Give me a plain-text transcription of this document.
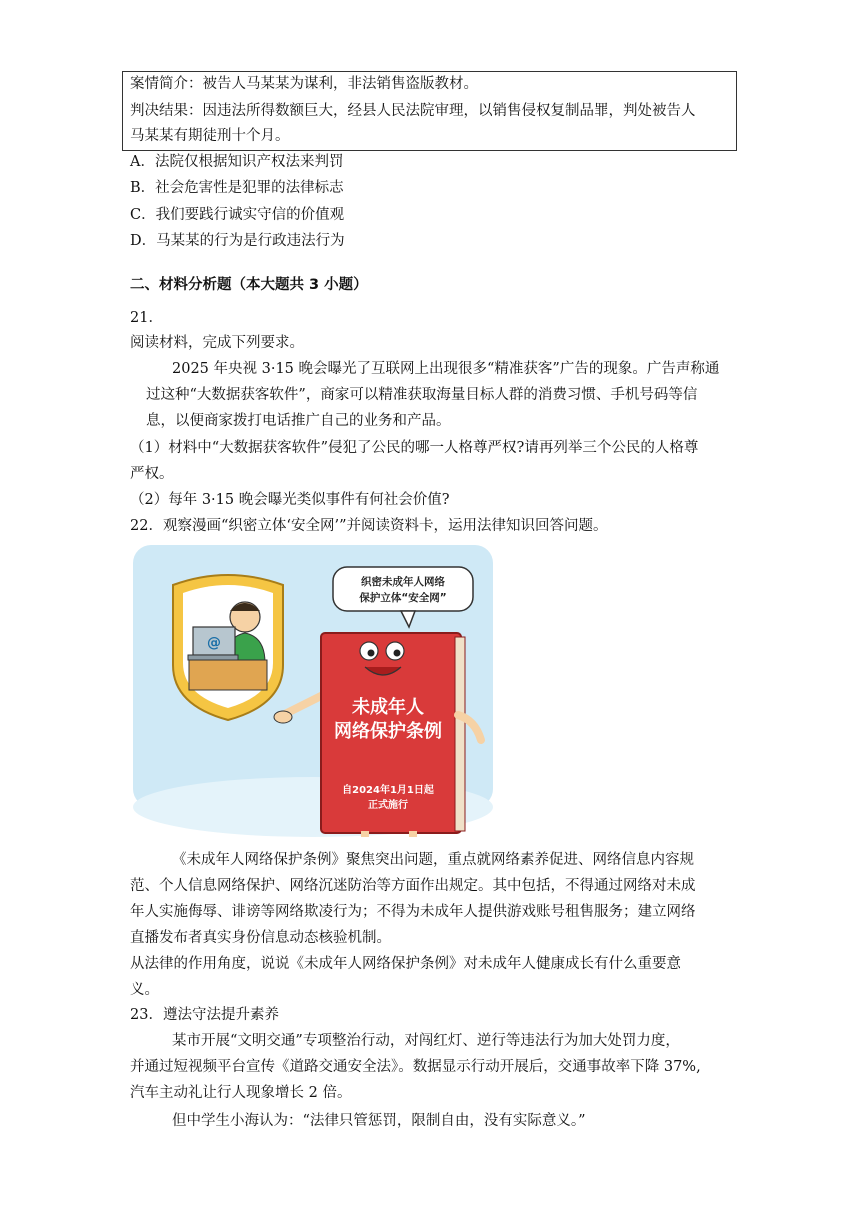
案情简介：被告人马某某为谋利，非法销售盗版教材。
判决结果：因违法所得数额巨大，经县人民法院审理，以销售侵权复制品罪，判处被告人
马某某有期徒刑十个月。
A．法院仅根据知识产权法来判罚
B．社会危害性是犯罪的法律标志
C．我们要践行诚实守信的价值观
D．马某某的行为是行政违法行为
二、材料分析题（本大题共 3 小题）
21．
阅读材料，完成下列要求。
2025 年央视 3·15 晚会曝光了互联网上出现很多“精准获客”广告的现象。广告声称通
过这种“大数据获客软件”，商家可以精准获取海量目标人群的消费习惯、手机号码等信
息，以便商家拨打电话推广自己的业务和产品。
（1）材料中“大数据获客软件”侵犯了公民的哪一人格尊严权?请再列举三个公民的人格尊
严权。
（2）每年 3·15 晚会曝光类似事件有何社会价值?
22．观察漫画“织密立体‘安全网’”并阅读资料卡，运用法律知识回答问题。
@
织密未成年人网络
保护立体“安全网”
未成年人
网络保护条例
自2024年1月1日起
正式施行
《未成年人网络保护条例》聚焦突出问题，重点就网络素养促进、网络信息内容规
范、个人信息网络保护、网络沉迷防治等方面作出规定。其中包括，不得通过网络对未成
年人实施侮辱、诽谤等网络欺凌行为；不得为未成年人提供游戏账号租售服务；建立网络
直播发布者真实身份信息动态核验机制。
从法律的作用角度，说说《未成年人网络保护条例》对未成年人健康成长有什么重要意
义。
23．遵法守法提升素养
某市开展“文明交通”专项整治行动，对闯红灯、逆行等违法行为加大处罚力度，
并通过短视频平台宣传《道路交通安全法》。数据显示行动开展后，交通事故率下降 37%,
汽车主动礼让行人现象增长 2 倍。
但中学生小海认为：“法律只管惩罚，限制自由，没有实际意义。”
